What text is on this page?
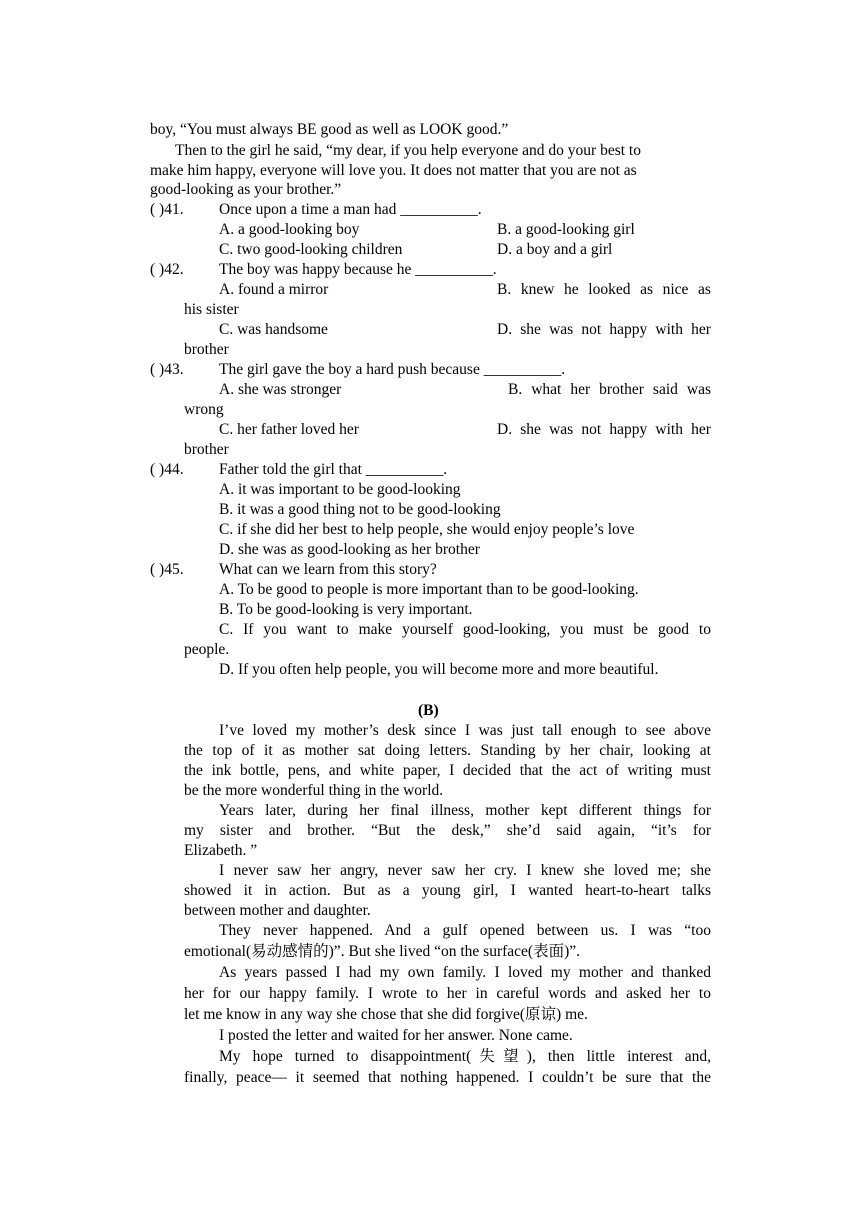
boy, “You must always BE good as well as LOOK good.”
Then to the girl he said, “my dear, if you help everyone and do your best to
make him happy, everyone will love you. It does not matter that you are not as
good-looking as your brother.”
( )41. Once upon a time a man had __________.
A. a good-looking boy	B. a good-looking girl
C. two good-looking children	D. a boy and a girl
( )42. The boy was happy because he __________.
A. found a mirror	B. knew he looked as nice as
his sister
C. was handsome	D. she was not happy with her
brother
( )43. The girl gave the boy a hard push because __________.
A. she was stronger	B. what her brother said was
wrong
C. her father loved her	D. she was not happy with her
brother
( )44. Father told the girl that __________.
A. it was important to be good-looking
B. it was a good thing not to be good-looking
C. if she did her best to help people, she would enjoy people’s love
D. she was as good-looking as her brother
( )45. What can we learn from this story?
A. To be good to people is more important than to be good-looking.
B. To be good-looking is very important.
C. If you want to make yourself good-looking, you must be good to
people.
D. If you often help people, you will become more and more beautiful.
(B)
I’ve loved my mother’s desk since I was just tall enough to see above
the top of it as mother sat doing letters. Standing by her chair, looking at
the ink bottle, pens, and white paper, I decided that the act of writing must
be the more wonderful thing in the world.
Years later, during her final illness, mother kept different things for
my sister and brother. “But the desk,” she’d said again, “it’s for
Elizabeth. ”
I never saw her angry, never saw her cry. I knew she loved me; she
showed it in action. But as a young girl, I wanted heart-to-heart talks
between mother and daughter.
They never happened. And a gulf opened between us. I was “too
emotional(易动感情的)”. But she lived “on the surface(表面)”.
As years passed I had my own family. I loved my mother and thanked
her for our happy family. I wrote to her in careful words and asked her to
let me know in any way she chose that she did forgive(原谅) me.
I posted the letter and waited for her answer. None came.
My hope turned to disappointment(失望), then little interest and,
finally, peace— it seemed that nothing happened. I couldn’t be sure that the
